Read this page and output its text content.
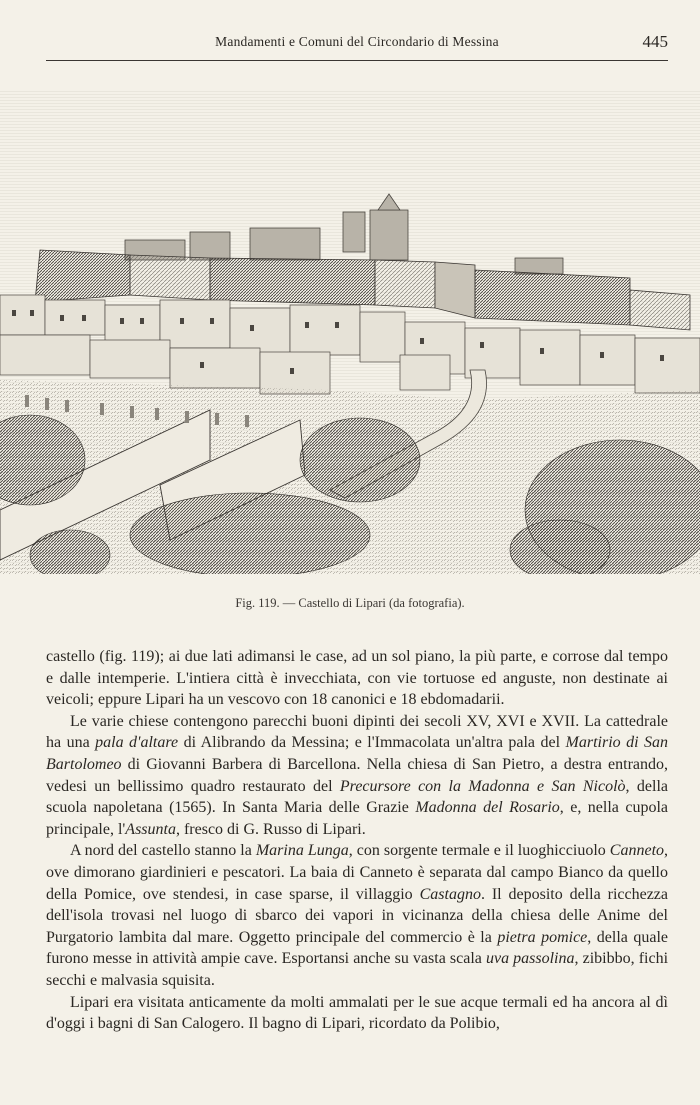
Mandamenti e Comuni del Circondario di Messina	445
Fig. 119. — Castello di Lipari (da fotografia).

castello (fig. 119); ai due lati adimansi le case, ad un sol piano, la più parte, e corrose dal tempo e dalle intemperie. L'intiera città è invecchiata, con vie tortuose ed anguste, non destinate ai veicoli; eppure Lipari ha un vescovo con 18 canonici e 18 ebdomadarii.

Le varie chiese contengono parecchi buoni dipinti dei secoli XV, XVI e XVII. La cattedrale ha una pala d'altare di Alibrando da Messina; e l'Immacolata un'altra pala del Martirio di San Bartolomeo di Giovanni Barbera di Barcellona. Nella chiesa di San Pietro, a destra entrando, vedesi un bellissimo quadro restaurato del Precursore con la Madonna e San Nicolò, della scuola napoletana (1565). In Santa Maria delle Grazie Madonna del Rosario, e, nella cupola principale, l'Assunta, fresco di G. Russo di Lipari.

A nord del castello stanno la Marina Lunga, con sorgente termale e il luoghicciuolo Canneto, ove dimorano giardinieri e pescatori. La baia di Canneto è separata dal campo Bianco da quello della Pomice, ove stendesi, in case sparse, il villaggio Castagno. Il deposito della ricchezza dell'isola trovasi nel luogo di sbarco dei vapori in vicinanza della chiesa delle Anime del Purgatorio lambita dal mare. Oggetto principale del commercio è la pietra pomice, della quale furono messe in attività ampie cave. Esportansi anche su vasta scala uva passolina, zibibbo, fichi secchi e malvasia squisita.

Lipari era visitata anticamente da molti ammalati per le sue acque termali ed ha ancora al dì d'oggi i bagni di San Calogero. Il bagno di Lipari, ricordato da Polibio,
